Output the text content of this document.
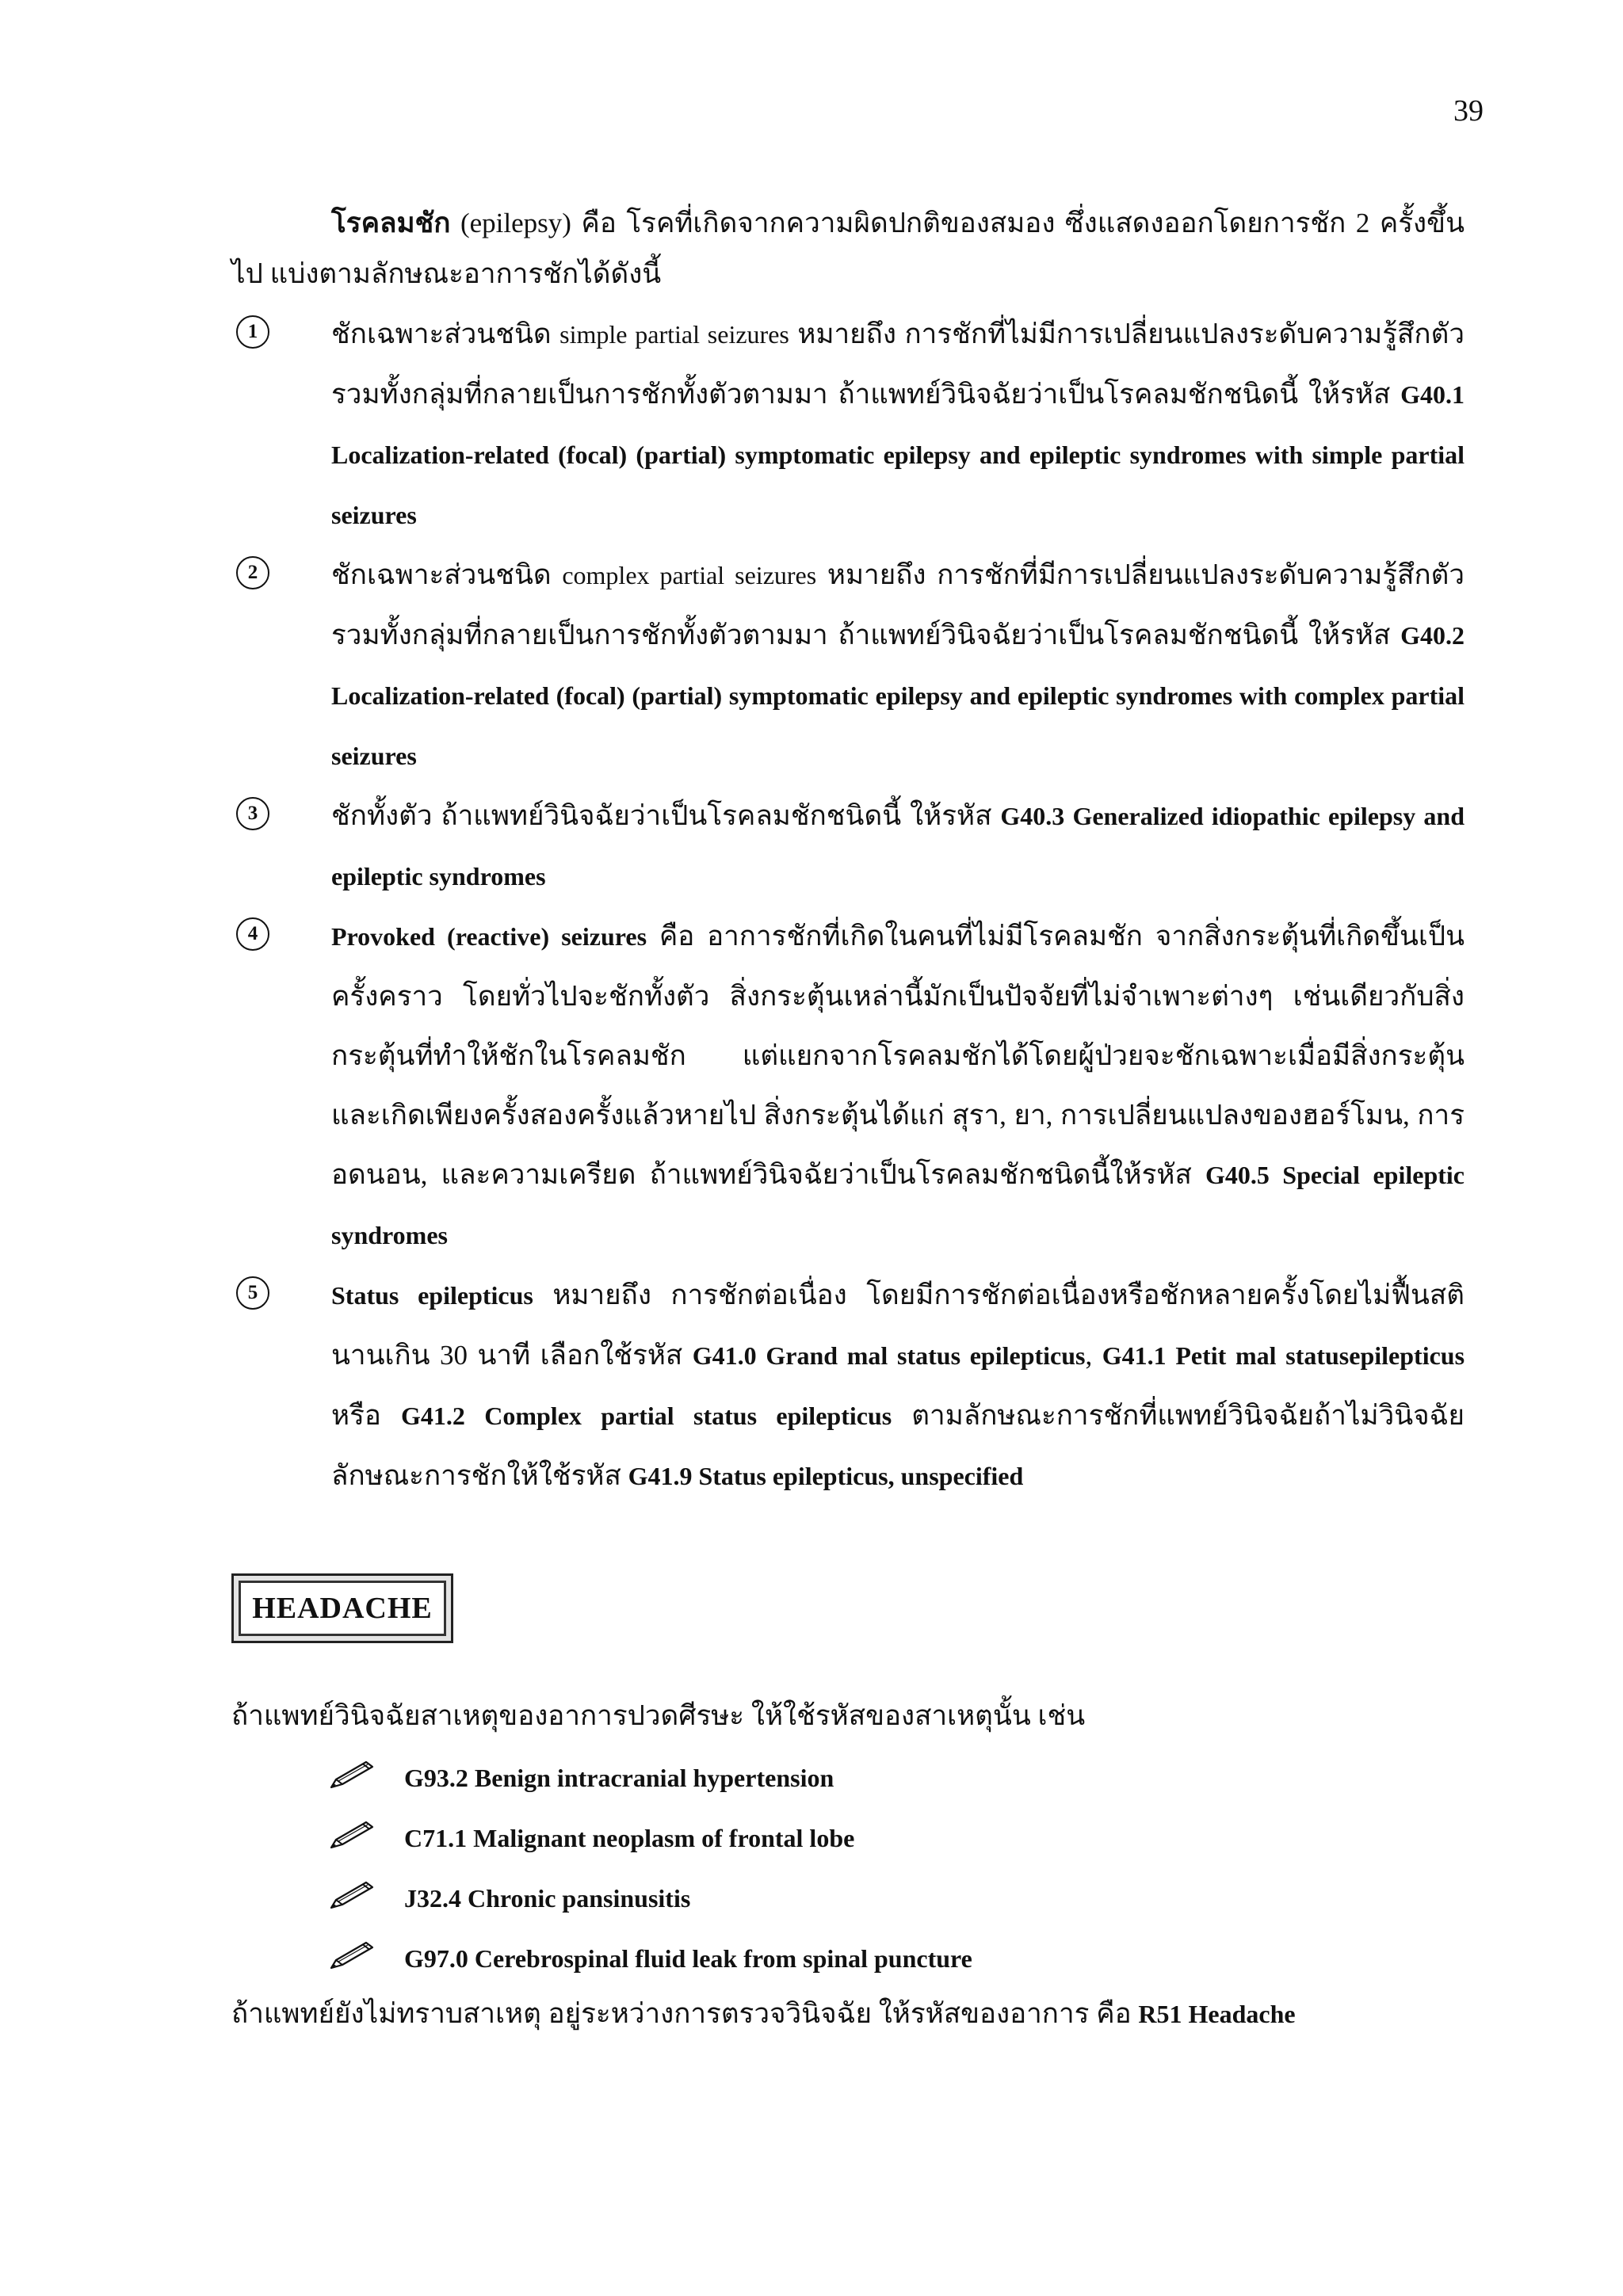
39

โรคลมชัก (epilepsy) คือ โรคที่เกิดจากความผิดปกติของสมอง ซึ่งแสดงออกโดยการชัก 2 ครั้งขึ้นไป แบ่งตามลักษณะอาการชักได้ดังนี้

1	ชักเฉพาะส่วนชนิด simple partial seizures หมายถึง การชักที่ไม่มีการเปลี่ยนแปลงระดับความรู้สึกตัว รวมทั้งกลุ่มที่กลายเป็นการชักทั้งตัวตามมา ถ้าแพทย์วินิจฉัยว่าเป็นโรคลมชักชนิดนี้ ให้รหัส G40.1 Localization-related (focal) (partial) symptomatic epilepsy and epileptic syndromes with simple partial seizures
2	ชักเฉพาะส่วนชนิด complex partial seizures หมายถึง การชักที่มีการเปลี่ยนแปลงระดับความรู้สึกตัว รวมทั้งกลุ่มที่กลายเป็นการชักทั้งตัวตามมา ถ้าแพทย์วินิจฉัยว่าเป็นโรคลมชักชนิดนี้ ให้รหัส G40.2 Localization-related (focal) (partial) symptomatic epilepsy and epileptic syndromes with complex partial seizures
3	ชักทั้งตัว ถ้าแพทย์วินิจฉัยว่าเป็นโรคลมชักชนิดนี้ ให้รหัส G40.3 Generalized idiopathic epilepsy and epileptic syndromes
4	Provoked (reactive) seizures คือ อาการชักที่เกิดในคนที่ไม่มีโรคลมชัก จากสิ่งกระตุ้นที่เกิดขึ้นเป็นครั้งคราว โดยทั่วไปจะชักทั้งตัว สิ่งกระตุ้นเหล่านี้มักเป็นปัจจัยที่ไม่จำเพาะต่างๆ เช่นเดียวกับสิ่งกระตุ้นที่ทำให้ชักในโรคลมชัก แต่แยกจากโรคลมชักได้โดยผู้ป่วยจะชักเฉพาะเมื่อมีสิ่งกระตุ้นและเกิดเพียงครั้งสองครั้งแล้วหายไป สิ่งกระตุ้นได้แก่ สุรา, ยา, การเปลี่ยนแปลงของฮอร์โมน, การอดนอน, และความเครียด ถ้าแพทย์วินิจฉัยว่าเป็นโรคลมชักชนิดนี้ให้รหัส G40.5 Special epileptic syndromes
5	Status epilepticus หมายถึง การชักต่อเนื่อง โดยมีการชักต่อเนื่องหรือชักหลายครั้งโดยไม่ฟื้นสตินานเกิน 30 นาที เลือกใช้รหัส G41.0 Grand mal status epilepticus, G41.1 Petit mal statusepilepticus หรือ G41.2 Complex partial status epilepticus ตามลักษณะการชักที่แพทย์วินิจฉัยถ้าไม่วินิจฉัยลักษณะการชักให้ใช้รหัส G41.9 Status epilepticus, unspecified
HEADACHE

ถ้าแพทย์วินิจฉัยสาเหตุของอาการปวดศีรษะ ให้ใช้รหัสของสาเหตุนั้น เช่น

G93.2 Benign intracranial hypertension
C71.1 Malignant neoplasm of frontal lobe
J32.4 Chronic pansinusitis
G97.0 Cerebrospinal fluid leak from spinal puncture

ถ้าแพทย์ยังไม่ทราบสาเหตุ อยู่ระหว่างการตรวจวินิจฉัย ให้รหัสของอาการ คือ R51 Headache
